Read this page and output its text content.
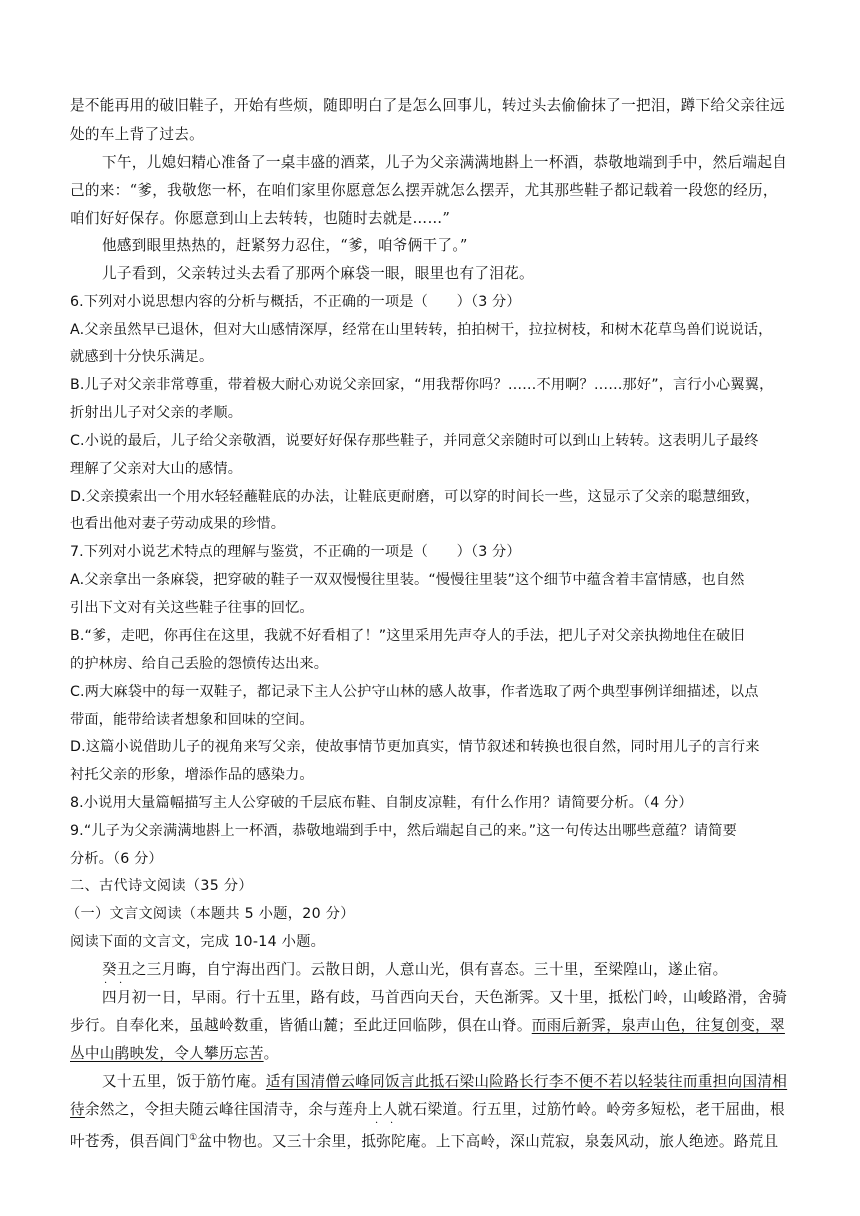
是不能再用的破旧鞋子，开始有些烦，随即明白了是怎么回事儿，转过头去偷偷抹了一把泪，蹲下给父亲往远
处的车上背了过去。
下午，儿媳妇精心准备了一桌丰盛的酒菜，儿子为父亲满满地斟上一杯酒，恭敬地端到手中，然后端起自
己的来：“爹，我敬您一杯，在咱们家里你愿意怎么摆弄就怎么摆弄，尤其那些鞋子都记载着一段您的经历，
咱们好好保存。你愿意到山上去转转，也随时去就是……”
他感到眼里热热的，赶紧努力忍住，“爹，咱爷俩干了。”
儿子看到，父亲转过头去看了那两个麻袋一眼，眼里也有了泪花。
6.下列对小说思想内容的分析与概括，不正确的一项是（　　）（3 分）
A.父亲虽然早已退休，但对大山感情深厚，经常在山里转转，拍拍树干，拉拉树枝，和树木花草鸟兽们说说话，
就感到十分快乐满足。
B.儿子对父亲非常尊重，带着极大耐心劝说父亲回家，“用我帮你吗？……不用啊？……那好”，言行小心翼翼，
折射出儿子对父亲的孝顺。
C.小说的最后，儿子给父亲敬酒，说要好好保存那些鞋子，并同意父亲随时可以到山上转转。这表明儿子最终
理解了父亲对大山的感情。
D.父亲摸索出一个用水轻轻蘸鞋底的办法，让鞋底更耐磨，可以穿的时间长一些，这显示了父亲的聪慧细致，
也看出他对妻子劳动成果的珍惜。
7.下列对小说艺术特点的理解与鉴赏，不正确的一项是（　　）（3 分）
A.父亲拿出一条麻袋，把穿破的鞋子一双双慢慢往里装。“慢慢往里装”这个细节中蕴含着丰富情感，也自然
引出下文对有关这些鞋子往事的回忆。
B.“爹，走吧，你再住在这里，我就不好看相了！”这里采用先声夺人的手法，把儿子对父亲执拗地住在破旧
的护林房、给自己丢脸的怨愤传达出来。
C.两大麻袋中的每一双鞋子，都记录下主人公护守山林的感人故事，作者选取了两个典型事例详细描述，以点
带面，能带给读者想象和回味的空间。
D.这篇小说借助儿子的视角来写父亲，使故事情节更加真实，情节叙述和转换也很自然，同时用儿子的言行来
衬托父亲的形象，增添作品的感染力。
8.小说用大量篇幅描写主人公穿破的千层底布鞋、自制皮凉鞋，有什么作用？请简要分析。（4 分）
9.“儿子为父亲满满地斟上一杯酒，恭敬地端到手中，然后端起自己的来。”这一句传达出哪些意蕴？请简要
分析。（6 分）
二、古代诗文阅读（35 分）
（一）文言文阅读（本题共 5 小题，20 分）
阅读下面的文言文，完成 10-14 小题。
癸丑之三月晦，自宁海出西门。云散日朗，人意山光，俱有喜态。三十里，至梁隍山，遂止宿。
· ·
四月初一日，早雨。行十五里，路有歧，马首西向天台，天色渐霁。又十里，抵松门岭，山峻路滑，舍骑
步行。自奉化来，虽越岭数重，皆循山麓；至此迂回临陟，俱在山脊。而雨后新霁，泉声山色，往复创变，翠
丛中山鹃映发，令人攀历忘苦。
又十五里，饭于筋竹庵。适有国清僧云峰同饭言此抵石梁山险路长行李不便不若以轻装往而重担向国清相
待余然之，令担夫随云峰往国清寺，余与莲舟上人就石梁道。行五里，过筋竹岭。岭旁多短松，老干屈曲，根
· ·
叶苍秀，俱吾阊门①盆中物也。又三十余里，抵弥陀庵。上下高岭，深山荒寂，泉轰风动，旅人绝迹。路荒且
